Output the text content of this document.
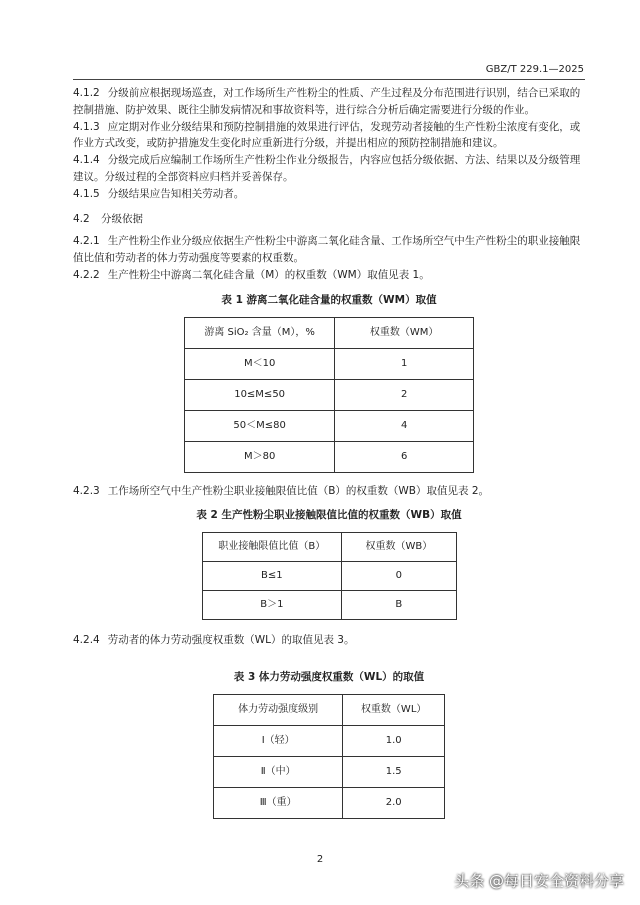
GBZ/T 229.1—2025

4.1.2 分级前应根据现场巡查，对工作场所生产性粉尘的性质、产生过程及分布范围进行识别，结合已采取的控制措施、防护效果、既往尘肺发病情况和事故资料等，进行综合分析后确定需要进行分级的作业。

4.1.3 应定期对作业分级结果和预防控制措施的效果进行评估，发现劳动者接触的生产性粉尘浓度有变化，或作业方式改变，或防护措施发生变化时应重新进行分级，并提出相应的预防控制措施和建议。

4.1.4 分级完成后应编制工作场所生产性粉尘作业分级报告，内容应包括分级依据、方法、结果以及分级管理建议。分级过程的全部资料应归档并妥善保存。

4.1.5 分级结果应告知相关劳动者。

4.2 分级依据

4.2.1 生产性粉尘作业分级应依据生产性粉尘中游离二氧化硅含量、工作场所空气中生产性粉尘的职业接触限值比值和劳动者的体力劳动强度等要素的权重数。

4.2.2 生产性粉尘中游离二氧化硅含量（M）的权重数（WM）取值见表 1。

表 1 游离二氧化硅含量的权重数（WM）取值
游离 SiO₂ 含量（M），%	权重数（WM）
M＜10	1
10≤M≤50	2
50＜M≤80	4
M＞80	6

4.2.3 工作场所空气中生产性粉尘职业接触限值比值（B）的权重数（WB）取值见表 2。

表 2 生产性粉尘职业接触限值比值的权重数（WB）取值
职业接触限值比值（B）	权重数（WB）
B≤1	0
B＞1	B

4.2.4 劳动者的体力劳动强度权重数（WL）的取值见表 3。

表 3 体力劳动强度权重数（WL）的取值
体力劳动强度级别	权重数（WL）
Ⅰ（轻）	1.0
Ⅱ（中）	1.5
Ⅲ（重）	2.0
2
头条 @每日安全资料分享
